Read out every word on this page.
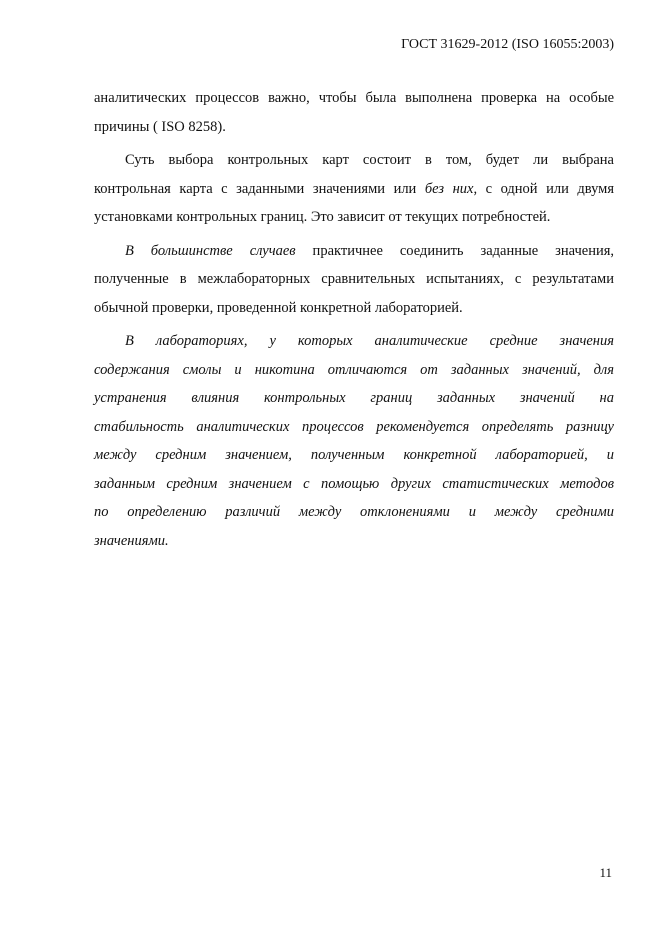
ГОСТ 31629-2012 (ISO 16055:2003)
аналитических процессов важно, чтобы была выполнена проверка на особые
причины ( ISO 8258).
Суть выбора контрольных карт состоит в том, будет ли выбрана
контрольная карта с заданными значениями или без них, с одной или двумя
установками контрольных границ. Это зависит от текущих потребностей.
В большинстве случаев практичнее соединить заданные значения,
полученные в межлабораторных сравнительных испытаниях, с результатами
обычной проверки, проведенной конкретной лабораторией.
В лабораториях, у которых аналитические средние значения
содержания смолы и никотина отличаются от заданных значений, для
устранения влияния контрольных границ заданных значений на
стабильность аналитических процессов рекомендуется определять разницу
между средним значением, полученным конкретной лабораторией, и
заданным средним значением с помощью других статистических методов
по определению различий между отклонениями и между средними
значениями.
11
